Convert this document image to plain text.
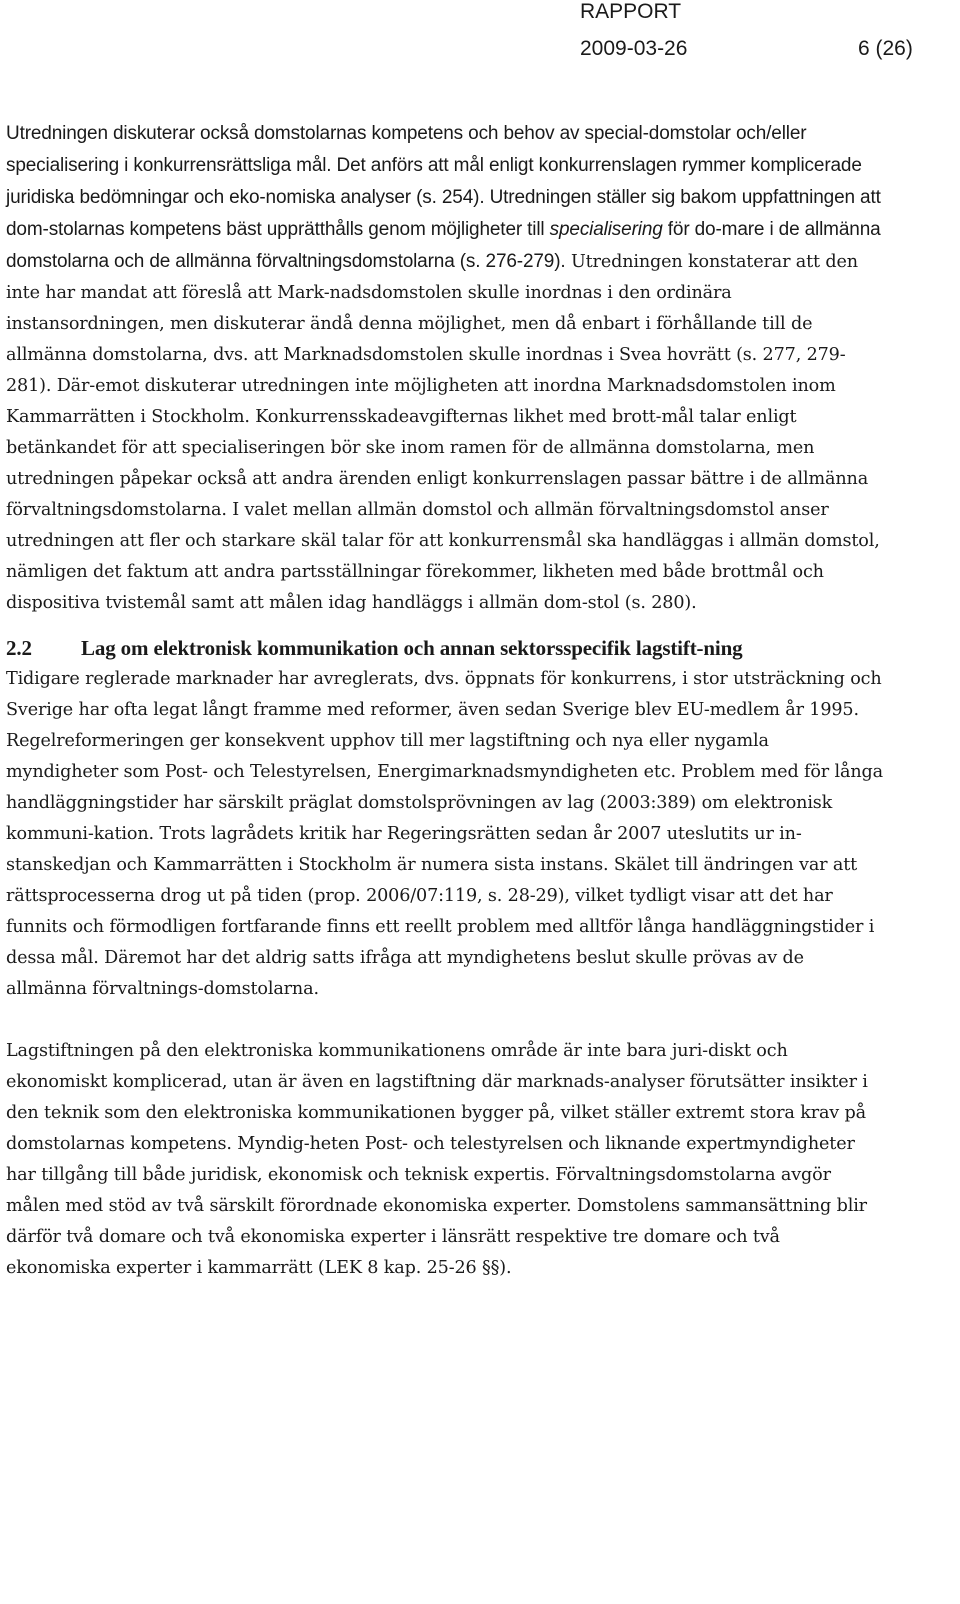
RAPPORT
2009-03-26	6 (26)

Utredningen diskuterar också domstolarnas kompetens och behov av special-domstolar och/eller specialisering i konkurrensrättsliga mål. Det anförs att mål enligt konkurrenslagen rymmer komplicerade juridiska bedömningar och eko-nomiska analyser (s. 254). Utredningen ställer sig bakom uppfattningen att dom-stolarnas kompetens bäst upprätthålls genom möjligheter till specialisering för do-mare i de allmänna domstolarna och de allmänna förvaltningsdomstolarna (s. 276-279). Utredningen konstaterar att den inte har mandat att föreslå att Mark-nadsdomstolen skulle inordnas i den ordinära instansordningen, men diskuterar ändå denna möjlighet, men då enbart i förhållande till de allmänna domstolarna, dvs. att Marknadsdomstolen skulle inordnas i Svea hovrätt (s. 277, 279-281). Där-emot diskuterar utredningen inte möjligheten att inordna Marknadsdomstolen inom Kammarrätten i Stockholm. Konkurrensskadeavgifternas likhet med brott-mål talar enligt betänkandet för att specialiseringen bör ske inom ramen för de allmänna domstolarna, men utredningen påpekar också att andra ärenden enligt konkurrenslagen passar bättre i de allmänna förvaltningsdomstolarna. I valet mellan allmän domstol och allmän förvaltningsdomstol anser utredningen att fler och starkare skäl talar för att konkurrensmål ska handläggas i allmän domstol, nämligen det faktum att andra partsställningar förekommer, likheten med både brottmål och dispositiva tvistemål samt att målen idag handläggs i allmän dom-stol (s. 280).

2.2	Lag om elektronisk kommunikation och annan sektorsspecifik lagstift-ning

Tidigare reglerade marknader har avreglerats, dvs. öppnats för konkurrens, i stor utsträckning och Sverige har ofta legat långt framme med reformer, även sedan Sverige blev EU-medlem år 1995. Regelreformeringen ger konsekvent upphov till mer lagstiftning och nya eller nygamla myndigheter som Post- och Telestyrelsen, Energimarknadsmyndigheten etc. Problem med för långa handläggningstider har särskilt präglat domstolsprövningen av lag (2003:389) om elektronisk kommuni-kation. Trots lagrådets kritik har Regeringsrätten sedan år 2007 uteslutits ur in-stanskedjan och Kammarrätten i Stockholm är numera sista instans. Skälet till ändringen var att rättsprocesserna drog ut på tiden (prop. 2006/07:119, s. 28-29), vilket tydligt visar att det har funnits och förmodligen fortfarande finns ett reellt problem med alltför långa handläggningstider i dessa mål. Däremot har det aldrig satts ifråga att myndighetens beslut skulle prövas av de allmänna förvaltnings-domstolarna.

Lagstiftningen på den elektroniska kommunikationens område är inte bara juri-diskt och ekonomiskt komplicerad, utan är även en lagstiftning där marknads-analyser förutsätter insikter i den teknik som den elektroniska kommunikationen bygger på, vilket ställer extremt stora krav på domstolarnas kompetens. Myndig-heten Post- och telestyrelsen och liknande expertmyndigheter har tillgång till både juridisk, ekonomisk och teknisk expertis. Förvaltningsdomstolarna avgör målen med stöd av två särskilt förordnade ekonomiska experter. Domstolens sammansättning blir därför två domare och två ekonomiska experter i länsrätt respektive tre domare och två ekonomiska experter i kammarrätt (LEK 8 kap. 25-26 §§).
